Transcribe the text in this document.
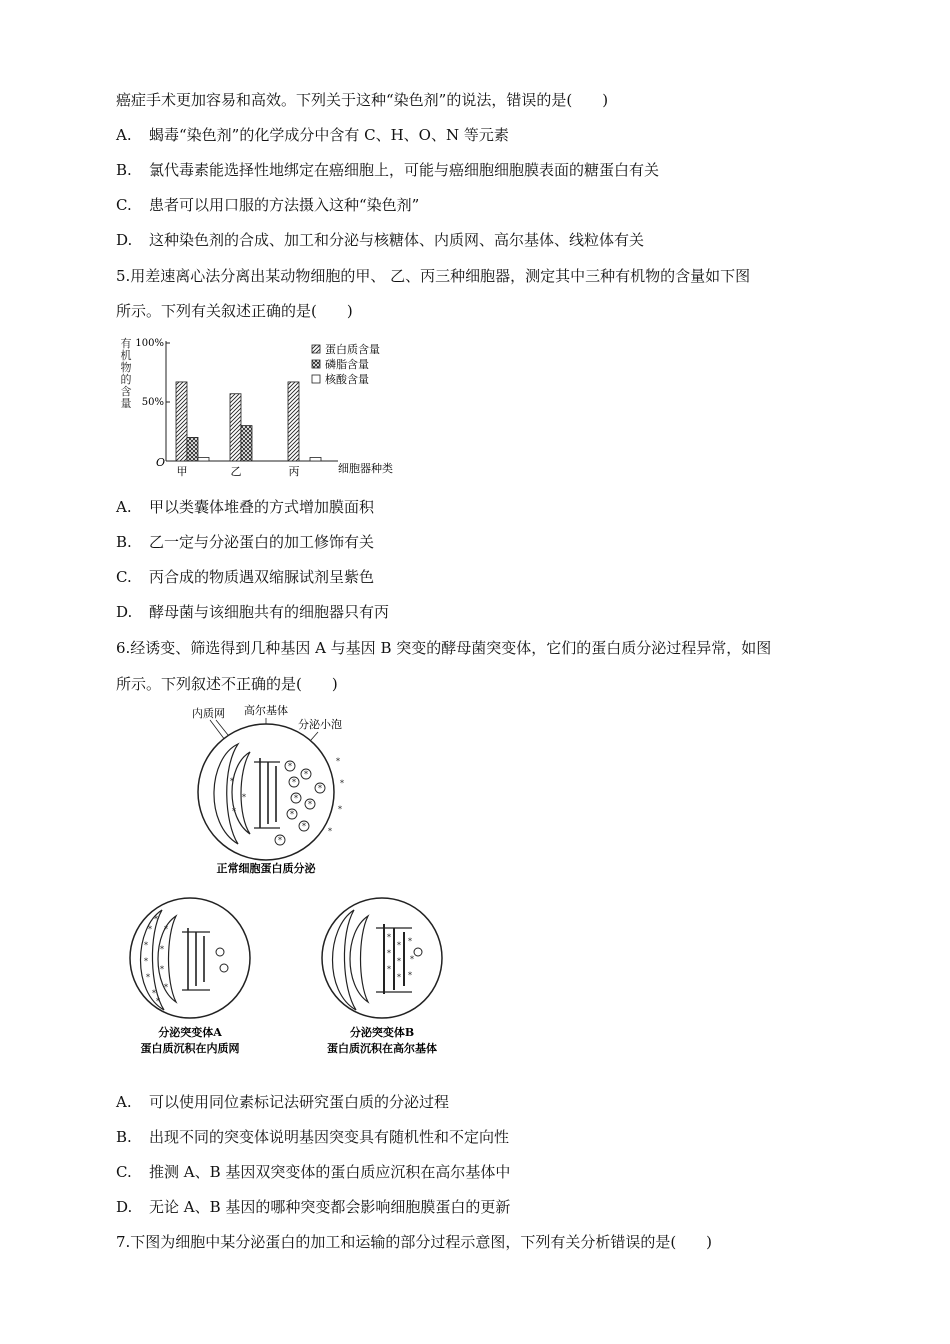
癌症手术更加容易和高效。下列关于这种“染色剂”的说法，错误的是(　　)
A. 蝎毒“染色剂”的化学成分中含有 C、H、O、N 等元素
B. 氯代毒素能选择性地绑定在癌细胞上，可能与癌细胞细胞膜表面的糖蛋白有关
C. 患者可以用口服的方法摄入这种“染色剂”
D. 这种染色剂的合成、加工和分泌与核糖体、内质网、高尔基体、线粒体有关
5.用差速离心法分离出某动物细胞的甲、 乙、丙三种细胞器，测定其中三种有机物的含量如下图
所示。下列有关叙述正确的是(　　)
有机物的含量
100%
50%
O	细胞器种类
甲	乙	丙
蛋白质含量
磷脂含量
核酸含量
A. 甲以类囊体堆叠的方式增加膜面积
B. 乙一定与分泌蛋白的加工修饰有关
C. 丙合成的物质遇双缩脲试剂呈紫色
D. 酵母菌与该细胞共有的细胞器只有丙
6.经诱变、筛选得到几种基因 A 与基因 B 突变的酵母菌突变体，它们的蛋白质分泌过程异常，如图
所示。下列叙述不正确的是(　　)
内质网 高尔基体
分泌小泡
*
*
*
*
*
*
*
*
*
*
*
*
*
*
*
*
正常细胞蛋白质分泌
*
*
*
*
*
*
*
*
*
*
*
分泌突变体A
蛋白质沉积在内质网
*
*
*
*
*
*
*
*
*
分泌突变体B
蛋白质沉积在高尔基体
A. 可以使用同位素标记法研究蛋白质的分泌过程
B. 出现不同的突变体说明基因突变具有随机性和不定向性
C. 推测 A、B 基因双突变体的蛋白质应沉积在高尔基体中
D. 无论 A、B 基因的哪种突变都会影响细胞膜蛋白的更新
7.下图为细胞中某分泌蛋白的加工和运输的部分过程示意图，下列有关分析错误的是(　　)
